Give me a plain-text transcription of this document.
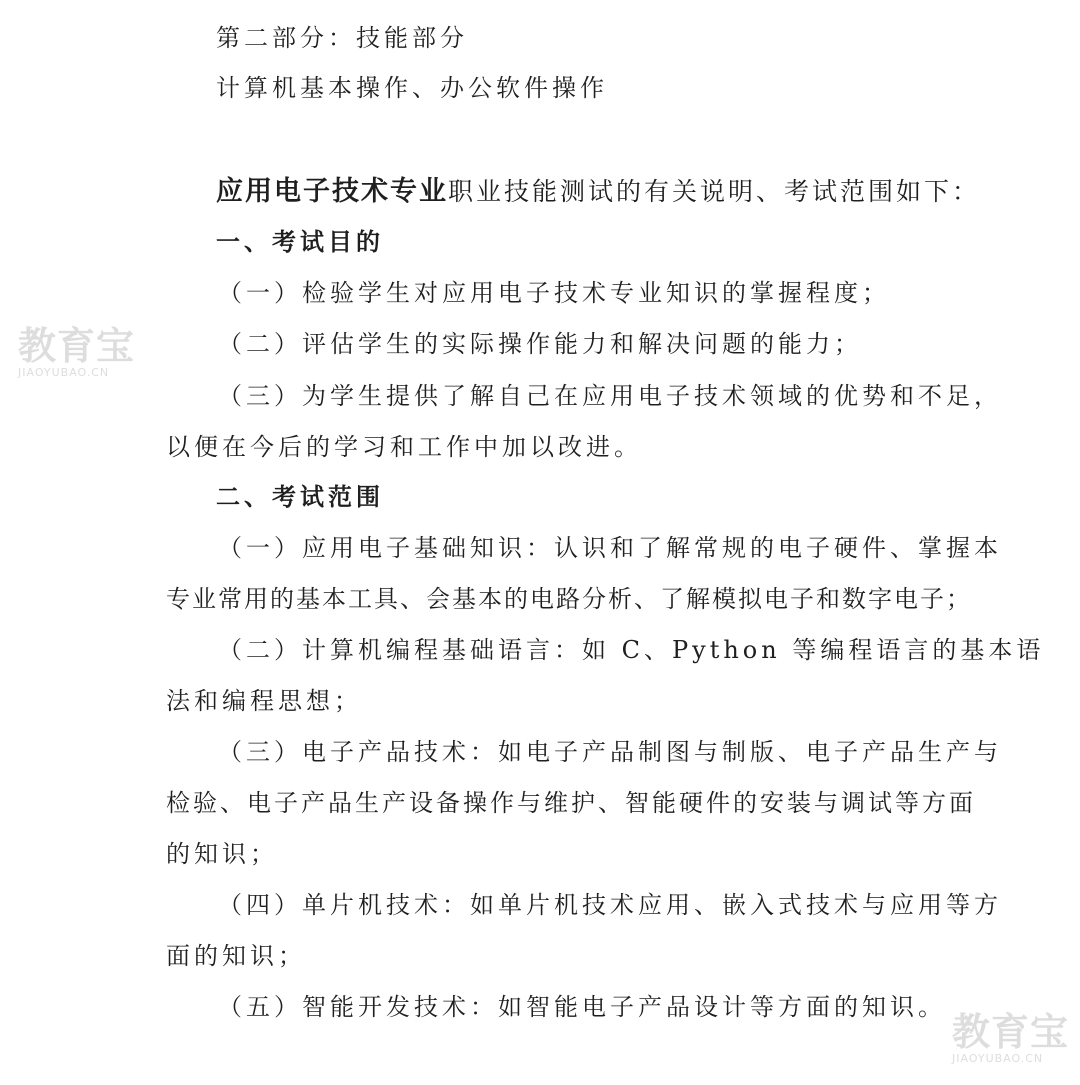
第二部分：技能部分
计算机基本操作、办公软件操作
应用电子技术专业职业技能测试的有关说明、考试范围如下：
一、考试目的
（一）检验学生对应用电子技术专业知识的掌握程度；
（二）评估学生的实际操作能力和解决问题的能力；
（三）为学生提供了解自己在应用电子技术领域的优势和不足，
以便在今后的学习和工作中加以改进。
二、考试范围
（一）应用电子基础知识：认识和了解常规的电子硬件、掌握本
专业常用的基本工具、会基本的电路分析、了解模拟电子和数字电子；
（二）计算机编程基础语言：如 C、Python 等编程语言的基本语
法和编程思想；
（三）电子产品技术：如电子产品制图与制版、电子产品生产与
检验、电子产品生产设备操作与维护、智能硬件的安装与调试等方面
的知识；
（四）单片机技术：如单片机技术应用、嵌入式技术与应用等方
面的知识；
（五）智能开发技术：如智能电子产品设计等方面的知识。
教育宝
JIAOYUBAO.CN
教育宝
JIAOYUBAO.CN
